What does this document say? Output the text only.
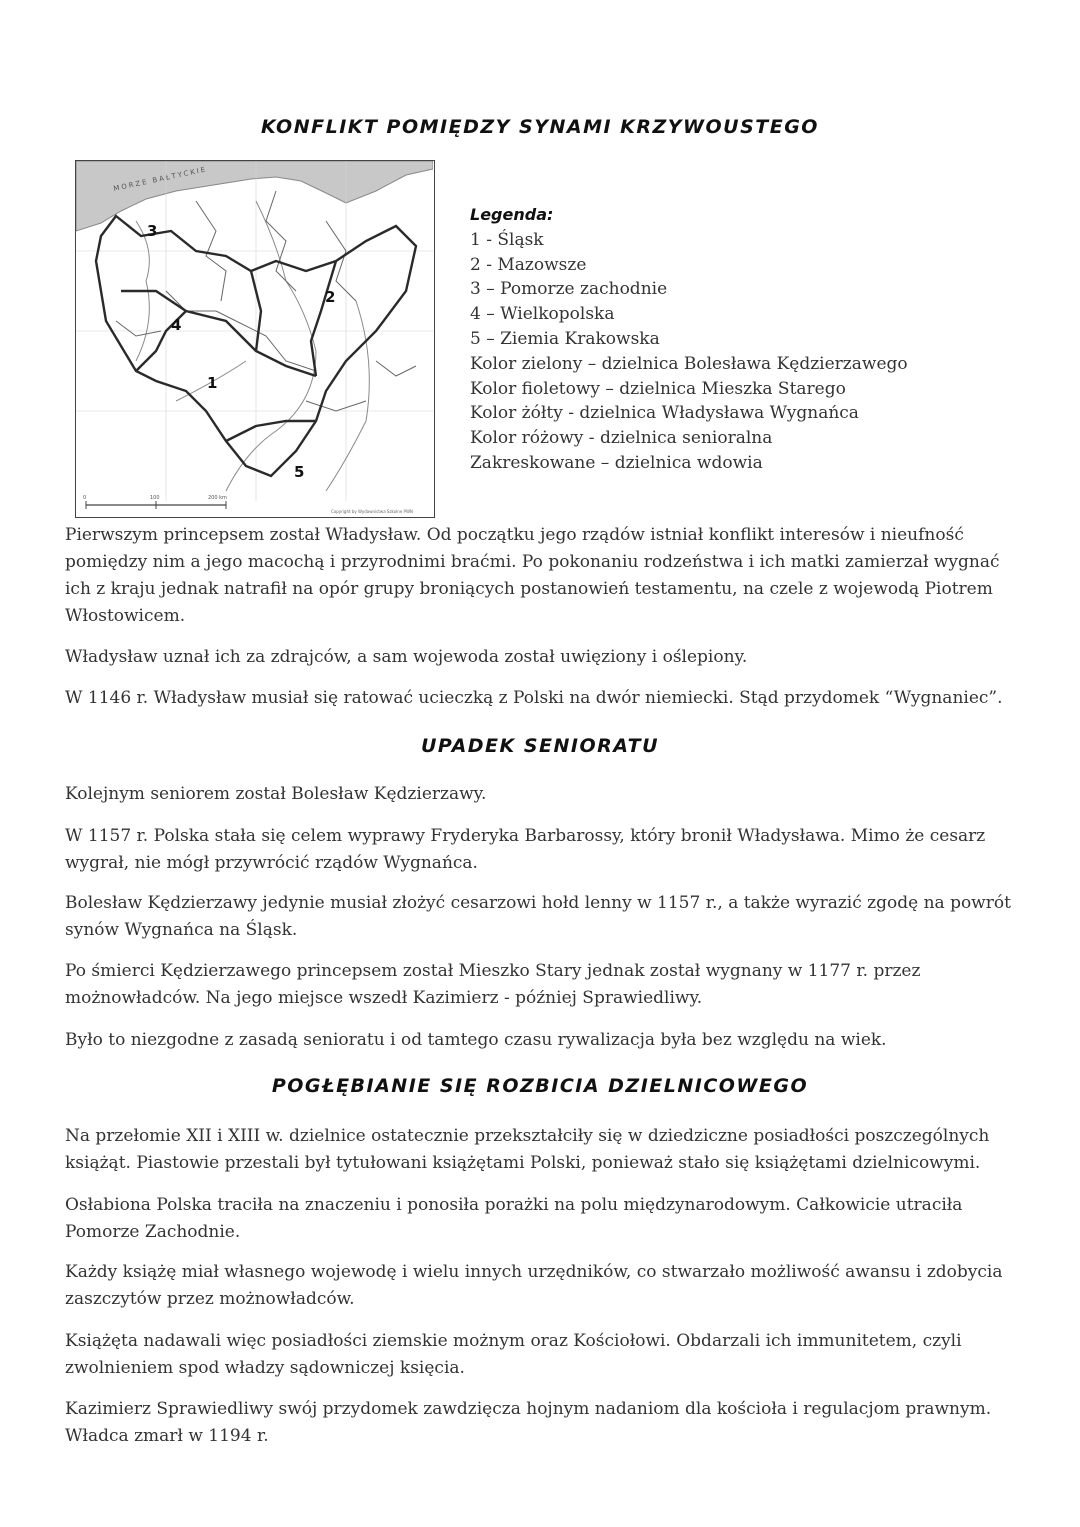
KONFLIKT POMIĘDZY SYNAMI KRZYWOUSTEGO
MORZE BAŁTYCKIE
1
2
3
4
5
0	100	200 km
Copyright by Wydawnictwa Szkolne PWN
Legenda:
1 - Śląsk
2 - Mazowsze
3 – Pomorze zachodnie
4 – Wielkopolska
5 – Ziemia Krakowska
Kolor zielony – dzielnica Bolesława Kędzierzawego
Kolor fioletowy – dzielnica Mieszka Starego
Kolor żółty - dzielnica Władysława Wygnańca
Kolor różowy - dzielnica senioralna
Zakreskowane – dzielnica wdowia

Pierwszym princepsem został Władysław. Od początku jego rządów istniał konflikt interesów i nieufność pomiędzy nim a jego macochą i przyrodnimi braćmi. Po pokonaniu rodzeństwa i ich matki zamierzał wygnać ich z kraju jednak natrafił na opór grupy broniących postanowień testamentu, na czele z wojewodą Piotrem Włostowicem.

Władysław uznał ich za zdrajców, a sam wojewoda został uwięziony i oślepiony.

W 1146 r. Władysław musiał się ratować ucieczką z Polski na dwór niemiecki. Stąd przydomek “Wygnaniec”.

UPADEK SENIORATU

Kolejnym seniorem został Bolesław Kędzierzawy.

W 1157 r. Polska stała się celem wyprawy Fryderyka Barbarossy, który bronił Władysława. Mimo że cesarz wygrał, nie mógł przywrócić rządów Wygnańca.

Bolesław Kędzierzawy jedynie musiał złożyć cesarzowi hołd lenny w 1157 r., a także wyrazić zgodę na powrót synów Wygnańca na Śląsk.

Po śmierci Kędzierzawego princepsem został Mieszko Stary jednak został wygnany w 1177 r. przez możnowładców. Na jego miejsce wszedł Kazimierz - później Sprawiedliwy.

Było to niezgodne z zasadą senioratu i od tamtego czasu rywalizacja była bez względu na wiek.

POGŁĘBIANIE SIĘ ROZBICIA DZIELNICOWEGO

Na przełomie XII i XIII w. dzielnice ostatecznie przekształciły się w dziedziczne posiadłości poszczególnych książąt. Piastowie przestali był tytułowani książętami Polski, ponieważ stało się książętami dzielnicowymi.

Osłabiona Polska traciła na znaczeniu i ponosiła porażki na polu międzynarodowym. Całkowicie utraciła Pomorze Zachodnie.

Każdy książę miał własnego wojewodę i wielu innych urzędników, co stwarzało możliwość awansu i zdobycia zaszczytów przez możnowładców.

Książęta nadawali więc posiadłości ziemskie możnym oraz Kościołowi. Obdarzali ich immunitetem, czyli zwolnieniem spod władzy sądowniczej księcia.

Kazimierz Sprawiedliwy swój przydomek zawdzięcza hojnym nadaniom dla kościoła i regulacjom prawnym. Władca zmarł w 1194 r.
